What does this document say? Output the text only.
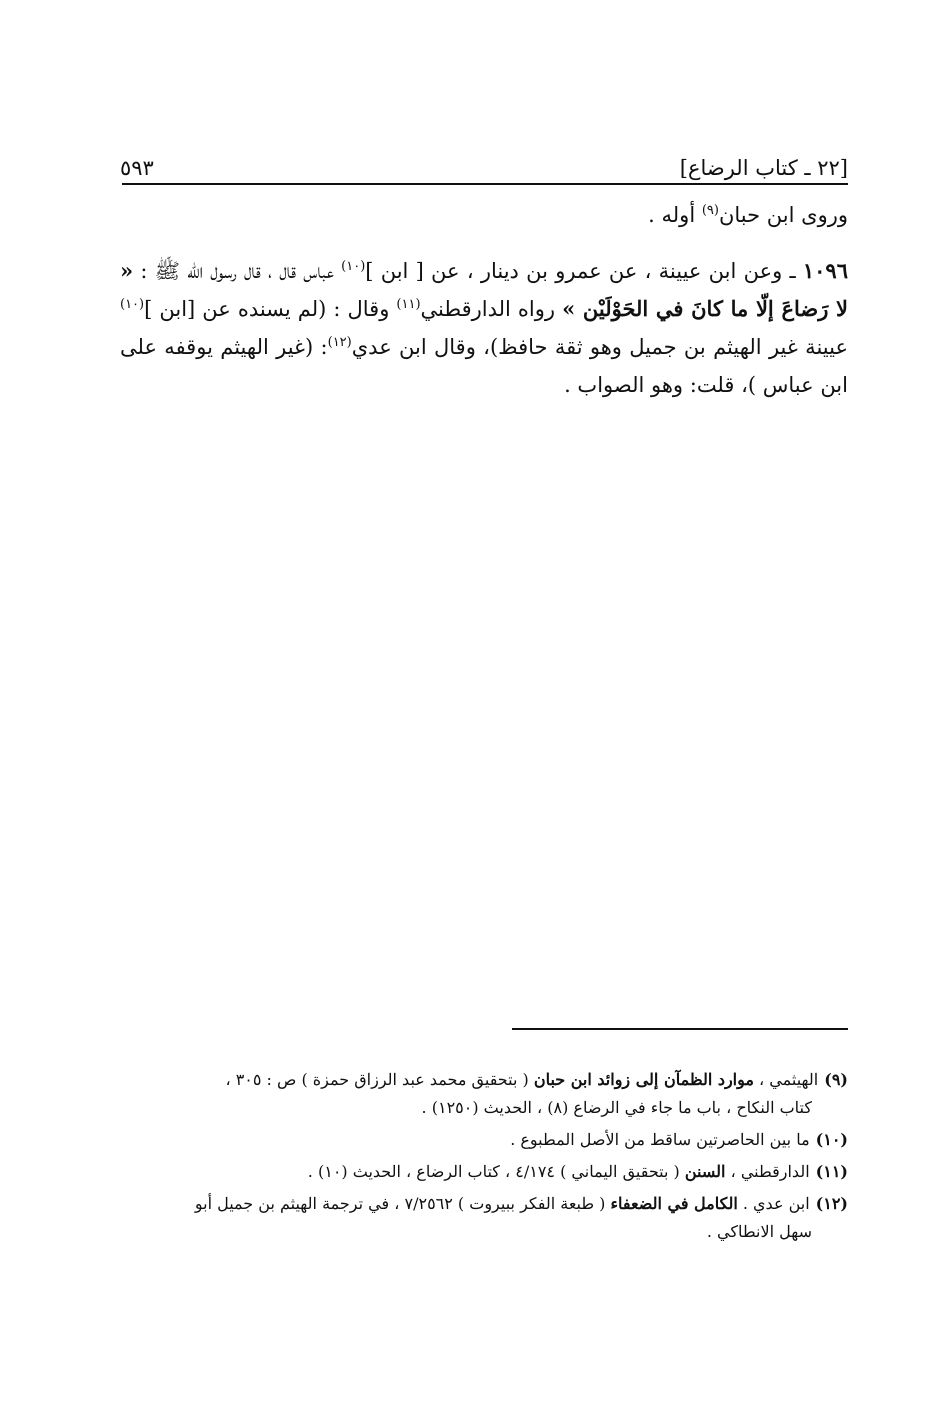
[٢٢ ـ كتاب الرضاع]
٥٩٣

وروى ابن حبان$^{(٩)}$ أوله .

١٠٩٦ ـ وعن ابن عيينة ، عن عمرو بن دينار ، عن [ ابن ]$^{(١٠)}$ عباس قال ، قال رسول الله ﷺ : « لا رَضاعَ إلّا ما كانَ في الحَوْلَيْن » رواه الدارقطني$^{(١١)}$ وقال : (لم يسنده عن [ابن ]$^{(١٠)}$ عيينة غير الهيثم بن جميل وهو ثقة حافظ)، وقال ابن عدي$^{(١٢)}$: (غير الهيثم يوقفه على ابن عباس )، قلت: وهو الصواب .

(٩)الهيثمي ، موارد الظمآن إلى زوائد ابن حبان ( بتحقيق محمد عبد الرزاق حمزة ) ص : ٣٠٥ ،
كتاب النكاح ، باب ما جاء في الرضاع (٨) ، الحديث (١٢٥٠) .
(١٠)ما بين الحاصرتين ساقط من الأصل المطبوع .
(١١)الدارقطني ، السنن ( بتحقيق اليماني ) ٤/١٧٤ ، كتاب الرضاع ، الحديث (١٠) .
(١٢)ابن عدي . الكامل في الضعفاء ( طبعة الفكر ببيروت ) ٧/٢٥٦٢ ، في ترجمة الهيثم بن جميل أبو
سهل الانطاكي .
